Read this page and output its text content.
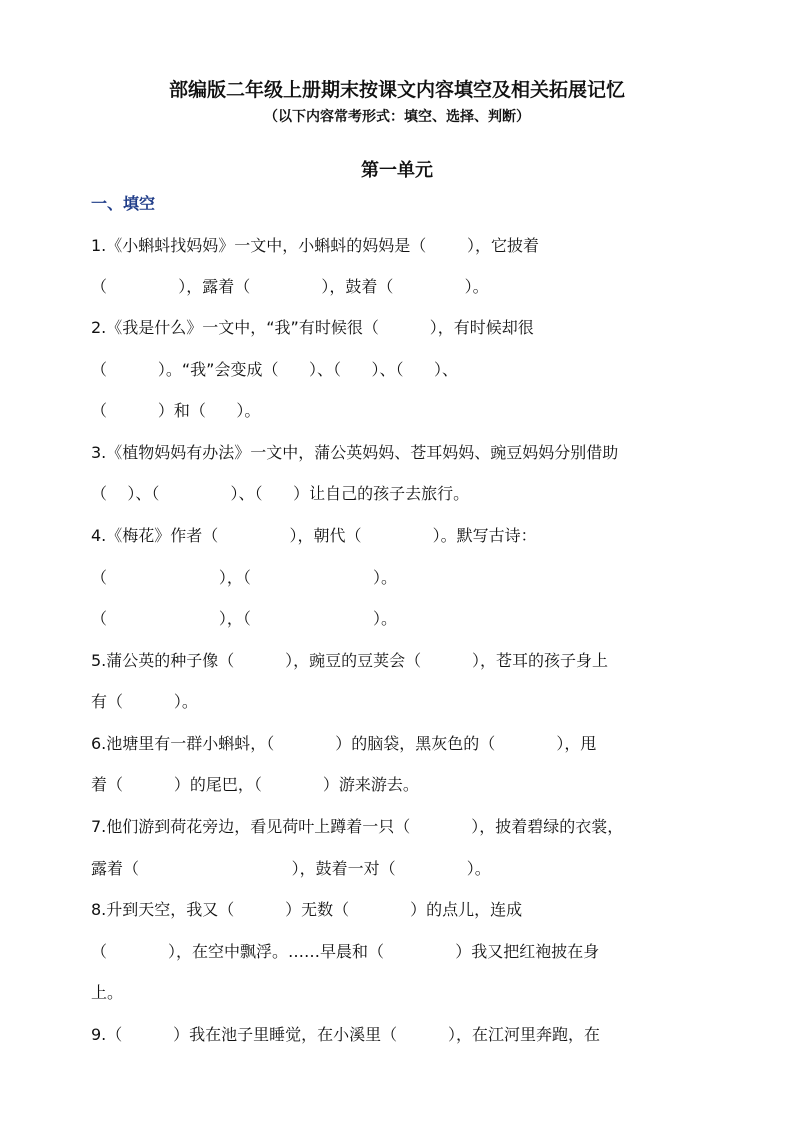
部编版二年级上册期末按课文内容填空及相关拓展记忆
（以下内容常考形式：填空、选择、判断）
第一单元
一、填空
1.《小蝌蚪找妈妈》一文中，小蝌蚪的妈妈是（        ），它披着
（              ），露着（              ），鼓着（              ）。
2.《我是什么》一文中，“我”有时候很（          ），有时候却很
（          ）。“我”会变成（      ）、（      ）、（      ）、
（          ）和（      ）。
3.《植物妈妈有办法》一文中，蒲公英妈妈、苍耳妈妈、豌豆妈妈分别借助
（    ）、（              ）、（      ）让自己的孩子去旅行。
4.《梅花》作者（              ），朝代（              ）。默写古诗：
（                      ），（                        ）。
（                      ），（                        ）。
5.蒲公英的种子像（          ），豌豆的豆荚会（          ），苍耳的孩子身上
有（          ）。
6.池塘里有一群小蝌蚪，（            ）的脑袋，黑灰色的（            ），甩
着（          ）的尾巴，（            ）游来游去。
7.他们游到荷花旁边，看见荷叶上蹲着一只（            ），披着碧绿的衣裳，
露着（                              ），鼓着一对（              ）。
8.升到天空，我又（          ）无数（            ）的点儿，连成
（            ），在空中飘浮。……早晨和（              ）我又把红袍披在身
上。
9.（          ）我在池子里睡觉，在小溪里（          ），在江河里奔跑，在
